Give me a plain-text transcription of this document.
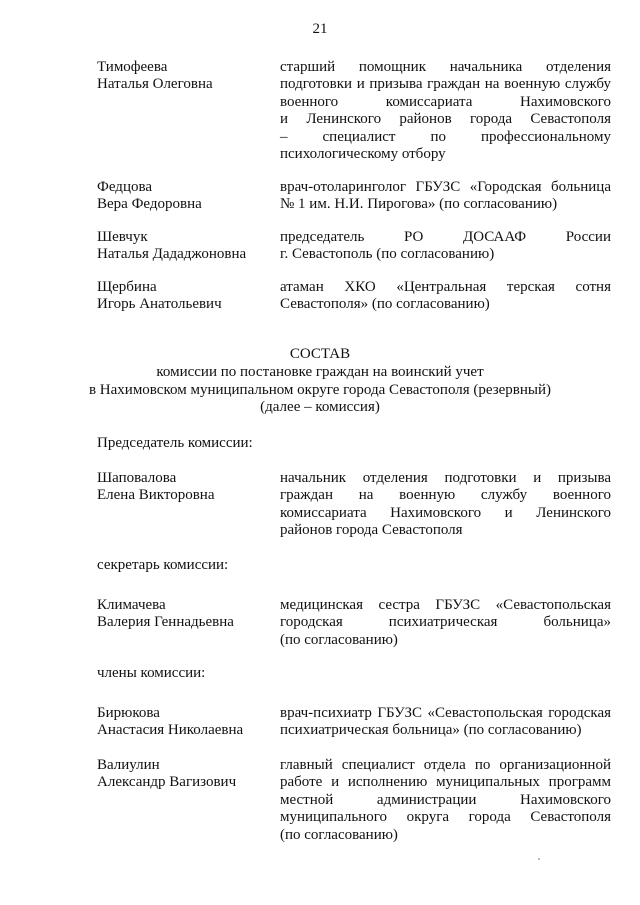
21
Тимофеева
Наталья Олеговна
старший помощник начальника отделения
подготовки и призыва граждан на военную службу
военного комиссариата Нахимовского
и Ленинского районов города Севастополя
– специалист по профессиональному
психологическому отбору
Федцова
Вера Федоровна
врач-отоларинголог ГБУЗС «Городская больница
№ 1 им. Н.И. Пирогова» (по согласованию)
Шевчук
Наталья Дададжоновна
председатель РО ДОСААФ России
г. Севастополь (по согласованию)
Щербина
Игорь Анатольевич
атаман ХКО «Центральная терская сотня
Севастополя» (по согласованию)
СОСТАВ
комиссии по постановке граждан на воинский учет
в Нахимовском муниципальном округе города Севастополя (резервный)
(далее – комиссия)
Председатель комиссии:
Шаповалова
Елена Викторовна
начальник отделения подготовки и призыва
граждан на военную службу военного
комиссариата Нахимовского и Ленинского
районов города Севастополя
секретарь комиссии:
Климачева
Валерия Геннадьевна
медицинская сестра ГБУЗС «Севастопольская
городская психиатрическая больница»
(по согласованию)
члены комиссии:
Бирюкова
Анастасия Николаевна
врач-психиатр ГБУЗС «Севастопольская городская
психиатрическая больница» (по согласованию)
Валиулин
Александр Вагизович
главный специалист отдела по организационной
работе и исполнению муниципальных программ
местной администрации Нахимовского
муниципального округа города Севастополя
(по согласованию)
